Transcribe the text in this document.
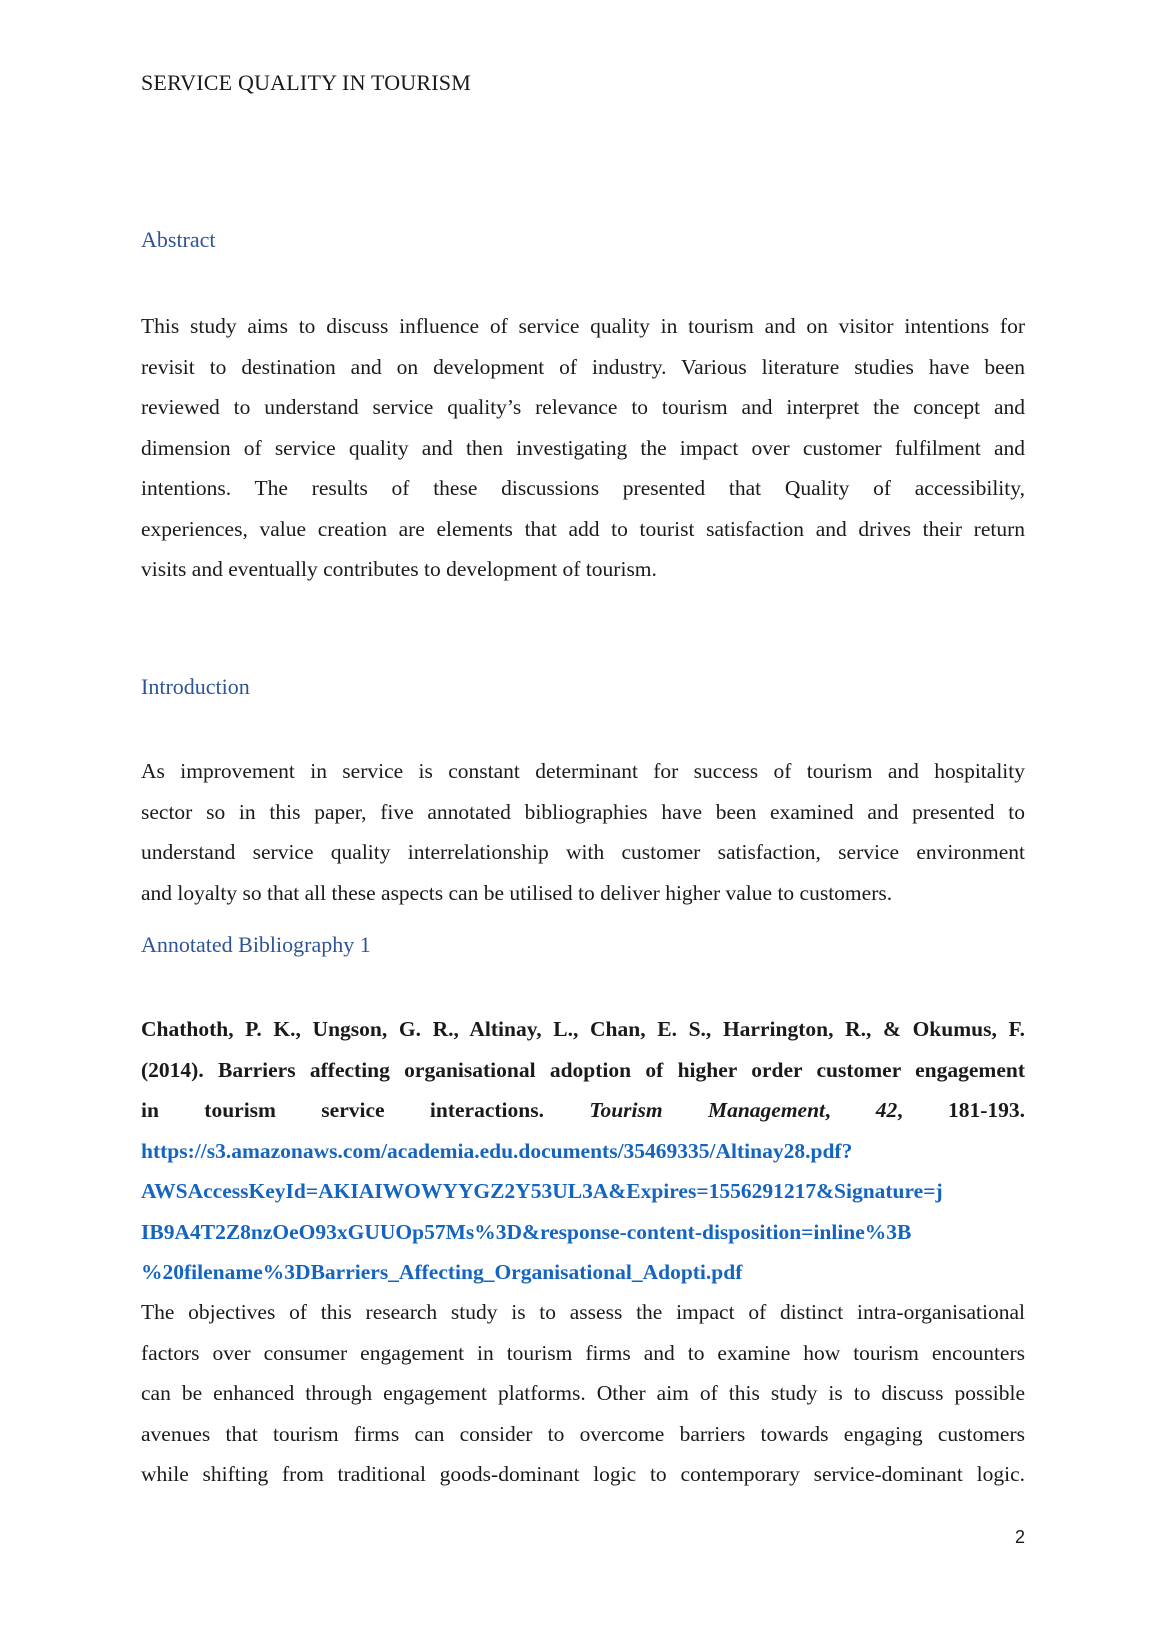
SERVICE QUALITY IN TOURISM
Abstract
This study aims to discuss influence of service quality in tourism and on visitor intentions for
revisit to destination and on development of industry. Various literature studies have been
reviewed to understand service quality’s relevance to tourism and interpret the concept and
dimension of service quality and then investigating the impact over customer fulfilment and
intentions. The results of these discussions presented that Quality of accessibility,
experiences, value creation are elements that add to tourist satisfaction and drives their return
visits and eventually contributes to development of tourism.
Introduction
As improvement in service is constant determinant for success of tourism and hospitality
sector so in this paper, five annotated bibliographies have been examined and presented to
understand service quality interrelationship with customer satisfaction, service environment
and loyalty so that all these aspects can be utilised to deliver higher value to customers.
Annotated Bibliography 1
Chathoth, P. K., Ungson, G. R., Altinay, L., Chan, E. S., Harrington, R., & Okumus, F.
(2014). Barriers affecting organisational adoption of higher order customer engagement
in tourism service interactions. Tourism Management, 42, 181-193.
https://s3.amazonaws.com/academia.edu.documents/35469335/Altinay28.pdf?
AWSAccessKeyId=AKIAIWOWYYGZ2Y53UL3A&Expires=1556291217&Signature=j
IB9A4T2Z8nzOeO93xGUUOp57Ms%3D&response-content-disposition=inline%3B
%20filename%3DBarriers_Affecting_Organisational_Adopti.pdf
The objectives of this research study is to assess the impact of distinct intra-organisational
factors over consumer engagement in tourism firms and to examine how tourism encounters
can be enhanced through engagement platforms. Other aim of this study is to discuss possible
avenues that tourism firms can consider to overcome barriers towards engaging customers
while shifting from traditional goods-dominant logic to contemporary service-dominant logic.
2
